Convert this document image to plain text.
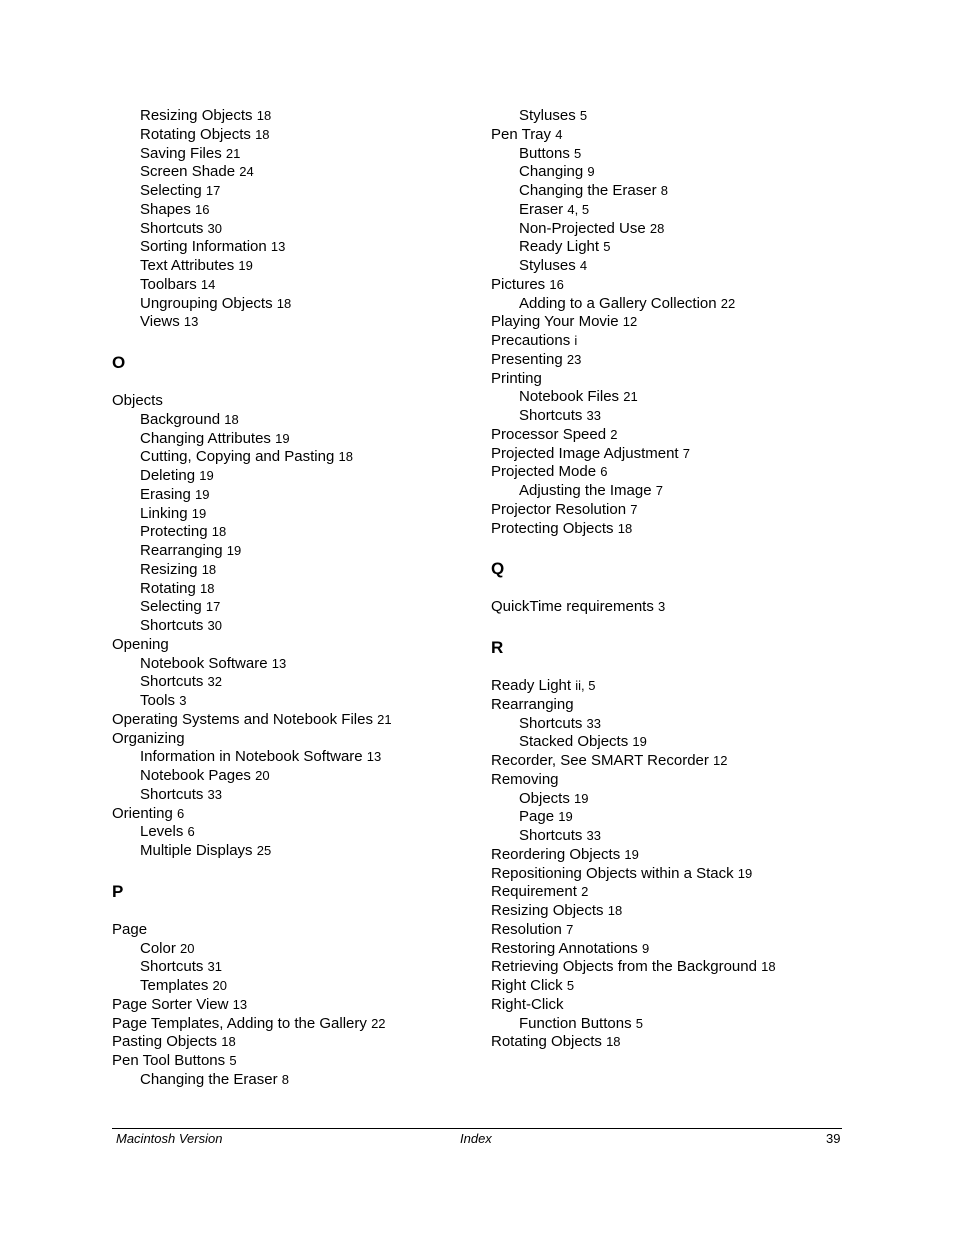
Resizing Objects 18
Rotating Objects 18
Saving Files 21
Screen Shade 24
Selecting 17
Shapes 16
Shortcuts 30
Sorting Information 13
Text Attributes 19
Toolbars 14
Ungrouping Objects 18
Views 13
O
Objects
Background 18
Changing Attributes 19
Cutting, Copying and Pasting 18
Deleting 19
Erasing 19
Linking 19
Protecting 18
Rearranging 19
Resizing 18
Rotating 18
Selecting 17
Shortcuts 30
Opening
Notebook Software 13
Shortcuts 32
Tools 3
Operating Systems and Notebook Files 21
Organizing
Information in Notebook Software 13
Notebook Pages 20
Shortcuts 33
Orienting 6
Levels 6
Multiple Displays 25
P
Page
Color 20
Shortcuts 31
Templates 20
Page Sorter View 13
Page Templates, Adding to the Gallery 22
Pasting Objects 18
Pen Tool Buttons 5
Changing the Eraser 8
Styluses 5
Pen Tray 4
Buttons 5
Changing 9
Changing the Eraser 8
Eraser 4, 5
Non-Projected Use 28
Ready Light 5
Styluses 4
Pictures 16
Adding to a Gallery Collection 22
Playing Your Movie 12
Precautions i
Presenting 23
Printing
Notebook Files 21
Shortcuts 33
Processor Speed 2
Projected Image Adjustment 7
Projected Mode 6
Adjusting the Image 7
Projector Resolution 7
Protecting Objects 18
Q
QuickTime requirements 3
R
Ready Light ii, 5
Rearranging
Shortcuts 33
Stacked Objects 19
Recorder, See SMART Recorder 12
Removing
Objects 19
Page 19
Shortcuts 33
Reordering Objects 19
Repositioning Objects within a Stack 19
Requirement 2
Resizing Objects 18
Resolution 7
Restoring Annotations 9
Retrieving Objects from the Background 18
Right Click 5
Right-Click
Function Buttons 5
Rotating Objects 18
Macintosh Version	Index	39
